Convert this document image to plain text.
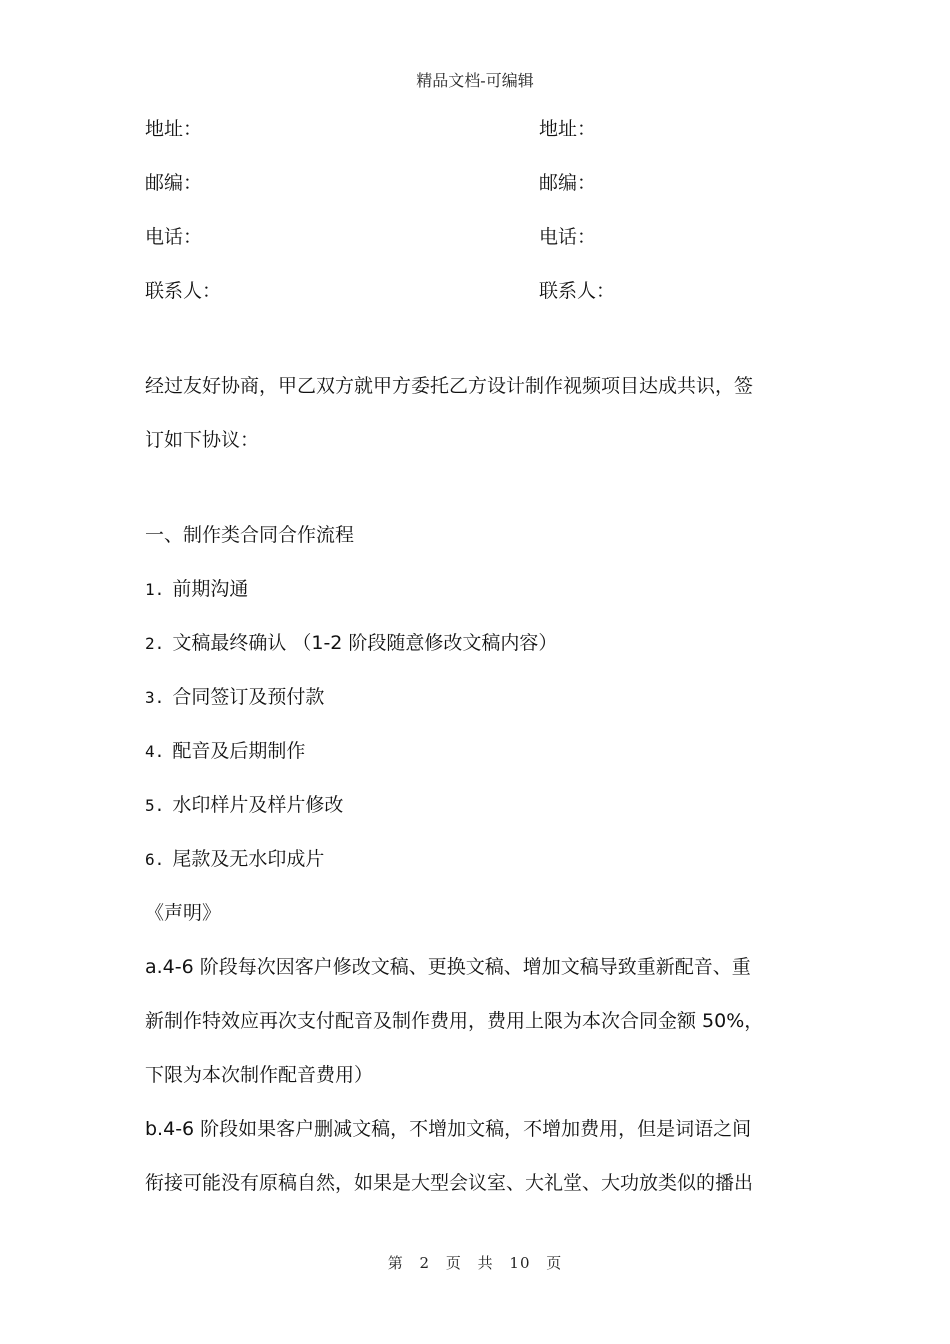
精品文档-可编辑
地址：	地址：
邮编：	邮编：
电话：	电话：
联系人：	联系人：
经过友好协商，甲乙双方就甲方委托乙方设计制作视频项目达成共识，签
订如下协议：
一、制作类合同合作流程
1. 前期沟通
2. 文稿最终确认 （1-2 阶段随意修改文稿内容）
3. 合同签订及预付款
4. 配音及后期制作
5. 水印样片及样片修改
6. 尾款及无水印成片
《声明》
a.4-6 阶段每次因客户修改文稿、更换文稿、增加文稿导致重新配音、重
新制作特效应再次支付配音及制作费用，费用上限为本次合同金额 50%，
下限为本次制作配音费用）
b.4-6 阶段如果客户删减文稿，不增加文稿，不增加费用，但是词语之间
衔接可能没有原稿自然，如果是大型会议室、大礼堂、大功放类似的播出
第 2 页 共 10 页
